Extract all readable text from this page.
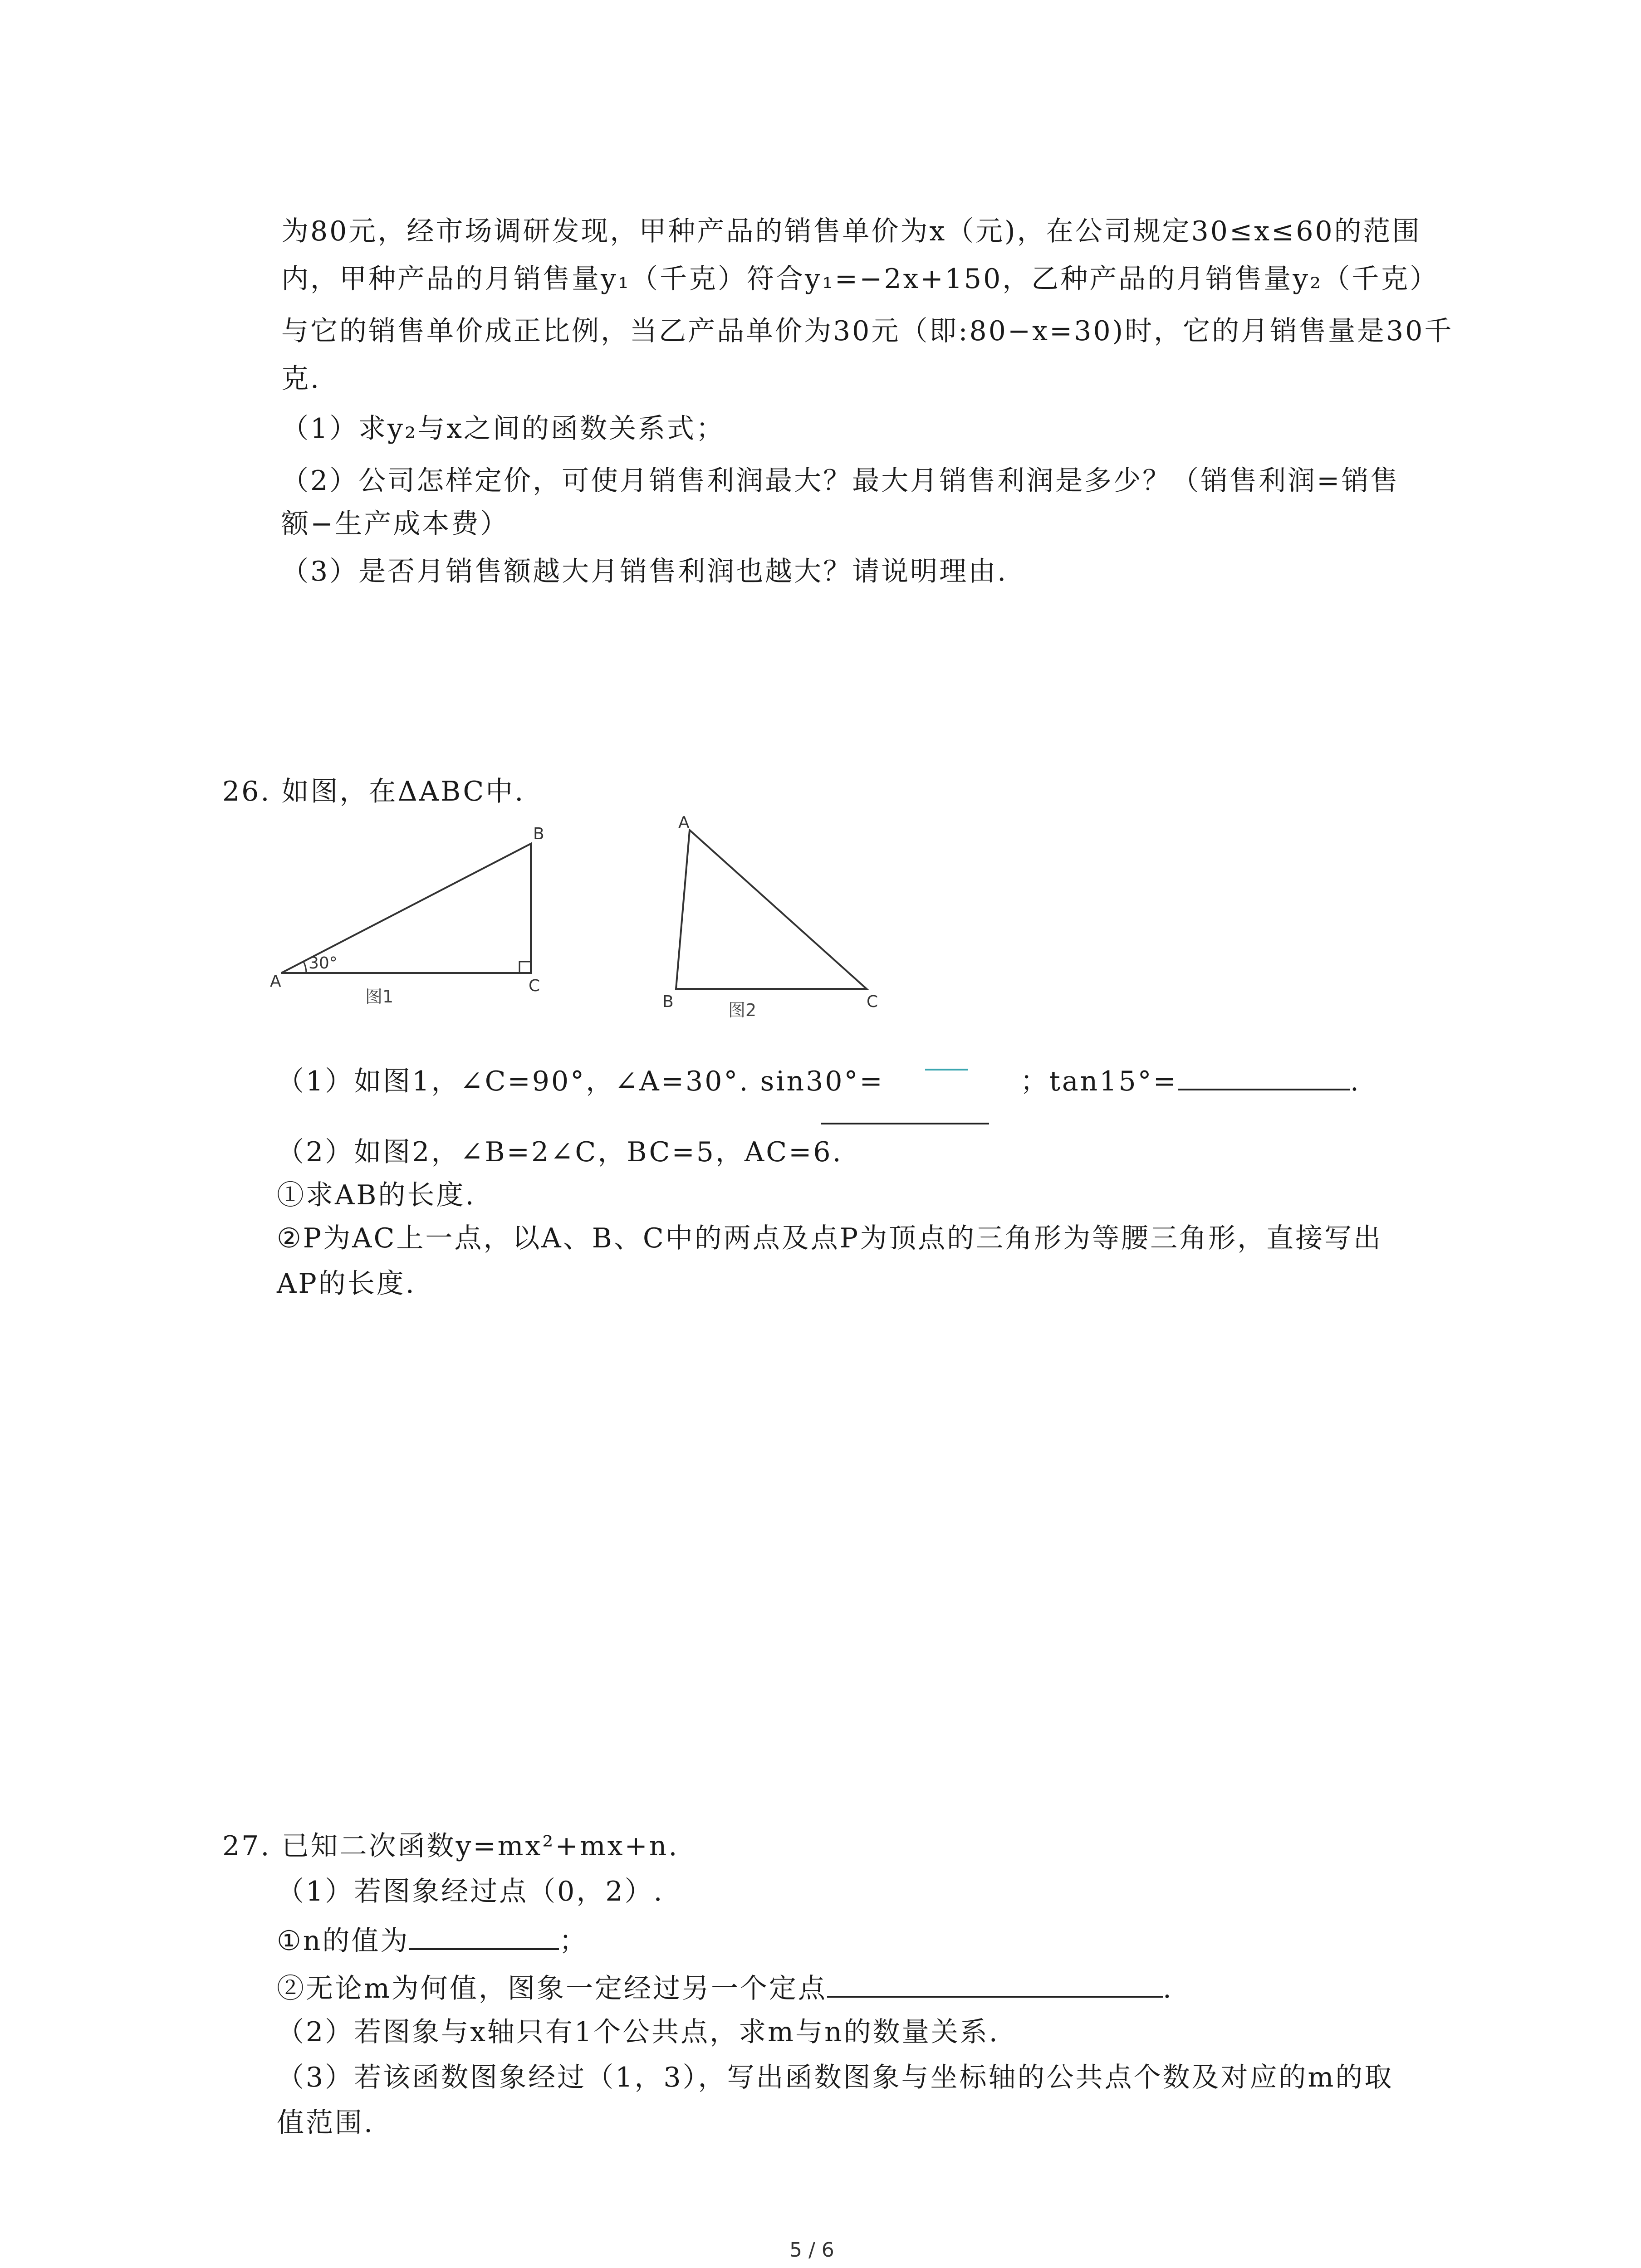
为80元，经市场调研发现，甲种产品的销售单价为x（元)，在公司规定30≤x≤60的范围
内，甲种产品的月销售量y₁（千克）符合y₁=−2x+150，乙种产品的月销售量y₂（千克）
与它的销售单价成正比例，当乙产品单价为30元（即:80−x=30)时，它的月销售量是30千
克.
（1）求y₂与x之间的函数关系式；
（2）公司怎样定价，可使月销售利润最大？最大月销售利润是多少？（销售利润=销售
额−生产成本费）
（3）是否月销售额越大月销售利润也越大？请说明理由.
26. 如图，在ΔABC中.
A
B
C
30°
图1
A
B	C
图2
（1）如图1，∠C=90°，∠A=30°. sin30°=	；tan15°=	.
（2）如图2，∠B=2∠C，BC=5，AC=6.
①求AB的长度.
②P为AC上一点，以A、B、C中的两点及点P为顶点的三角形为等腰三角形，直接写出
AP的长度.
27. 已知二次函数y=mx²+mx+n.
（1）若图象经过点（0，2）.
①n的值为	；
②无论m为何值，图象一定经过另一个定点	.
（2）若图象与x轴只有1个公共点，求m与n的数量关系.
（3）若该函数图象经过（1，3），写出函数图象与坐标轴的公共点个数及对应的m的取
值范围.
5 / 6
